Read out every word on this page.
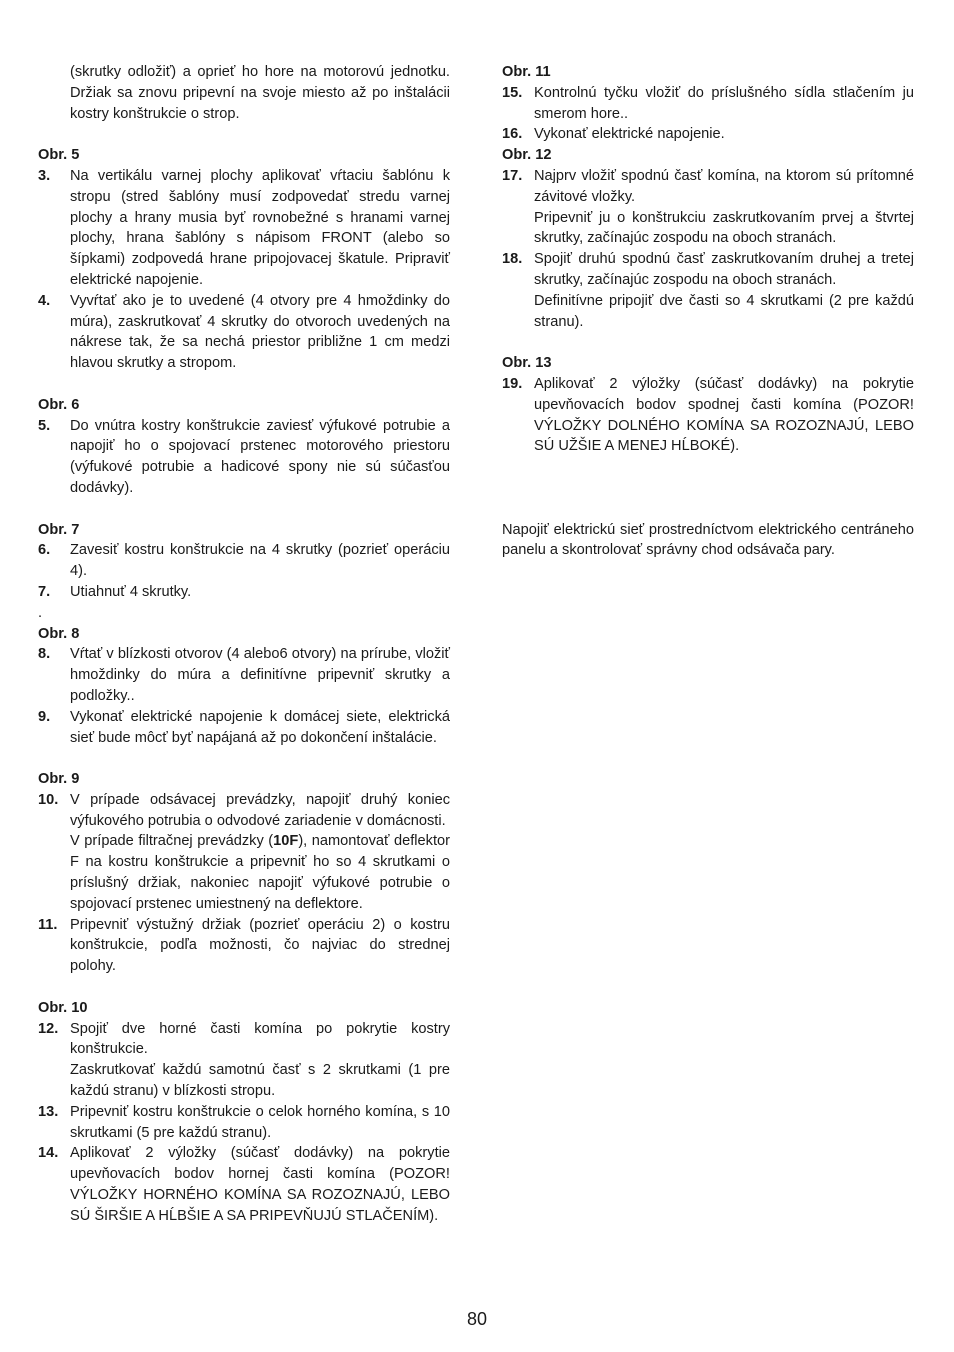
(skrutky odložiť) a oprieť ho hore na motorovú jednotku. Držiak sa znovu pripevní na svoje miesto až po inštalácii kostry konštrukcie o strop.
Obr. 5
3.	Na vertikálu varnej plochy aplikovať vŕtaciu šablónu k stropu (stred šablóny musí zodpovedať stredu varnej plochy a hrany musia byť rovnobežné s hranami varnej plochy, hrana šablóny s nápisom FRONT (alebo so šípkami) zodpovedá hrane pripojovacej škatule. Pripraviť elektrické napojenie.
4.	Vyvŕtať ako je to uvedené (4 otvory pre 4 hmoždinky do múra), zaskrutkovať 4 skrutky do otvoroch uvedených na nákrese tak, že sa nechá priestor približne 1 cm medzi hlavou skrutky a stropom.
Obr. 6
5.	Do vnútra kostry konštrukcie zaviesť výfukové potrubie a napojiť ho o spojovací prstenec motorového priestoru (výfukové potrubie a hadicové spony nie sú súčasťou dodávky).
Obr. 7
6.	Zavesiť kostru konštrukcie na 4 skrutky (pozrieť operáciu 4).
7.	Utiahnuť 4 skrutky.
.
Obr. 8
8.	Vŕtať v blízkosti otvorov (4 alebo6 otvory) na prírube, vložiť hmoždinky do múra a definitívne pripevniť skrutky a podložky..
9.	Vykonať elektrické napojenie k domácej siete, elektrická sieť bude môcť byť napájaná až po dokončení inštalácie.
Obr. 9
10. V prípade odsávacej prevádzky, napojiť druhý koniec výfukového potrubia o odvodové zariadenie v domácnosti.

V prípade filtračnej prevádzky (10F), namontovať deflektor F na kostru konštrukcie a pripevniť ho so 4 skrutkami o príslušný držiak, nakoniec napojiť výfukové potrubie o spojovací prstenec umiestnený na deflektore.

11. Pripevniť výstužný držiak (pozrieť operáciu 2) o kostru konštrukcie, podľa možnosti, čo najviac do strednej polohy.
Obr. 10
12. Spojiť dve horné časti komína po pokrytie kostry konštrukcie.

Zaskrutkovať každú samotnú časť s 2 skrutkami (1 pre každú stranu) v blízkosti stropu.

13. Pripevniť kostru konštrukcie o celok horného komína, s 10 skrutkami (5 pre každú stranu).
14. Aplikovať 2 výložky (súčasť dodávky) na pokrytie upevňovacích bodov hornej časti komína (POZOR! VÝLOŽKY HORNÉHO KOMÍNA SA ROZOZNAJÚ, LEBO SÚ ŠIRŠIE A HĹBŠIE A SA PRIPEVŇUJÚ STLAČENÍM).
Obr. 11
15. Kontrolnú tyčku vložiť do príslušného sídla stlačením ju smerom hore..
16. Vykonať elektrické napojenie.
Obr. 12
17. Najprv vložiť spodnú časť komína, na ktorom sú prítomné závitové vložky.

Pripevniť ju o konštrukciu zaskrutkovaním prvej a štvrtej skrutky, začínajúc zospodu na oboch stranách.

18. Spojiť druhú spodnú časť zaskrutkovaním druhej a tretej skrutky, začínajúc zospodu na oboch stranách.

Definitívne pripojiť dve časti so 4 skrutkami (2 pre každú stranu).

Obr. 13
19. Aplikovať 2 výložky (súčasť dodávky) na pokrytie upevňovacích bodov spodnej časti komína (POZOR! VÝLOŽKY DOLNÉHO KOMÍNA SA ROZOZNAJÚ, LEBO SÚ UŽŠIE A MENEJ HĹBOKÉ).
Napojiť elektrickú sieť prostredníctvom elektrického centráneho panelu a skontrolovať správny chod odsávača pary.
80
